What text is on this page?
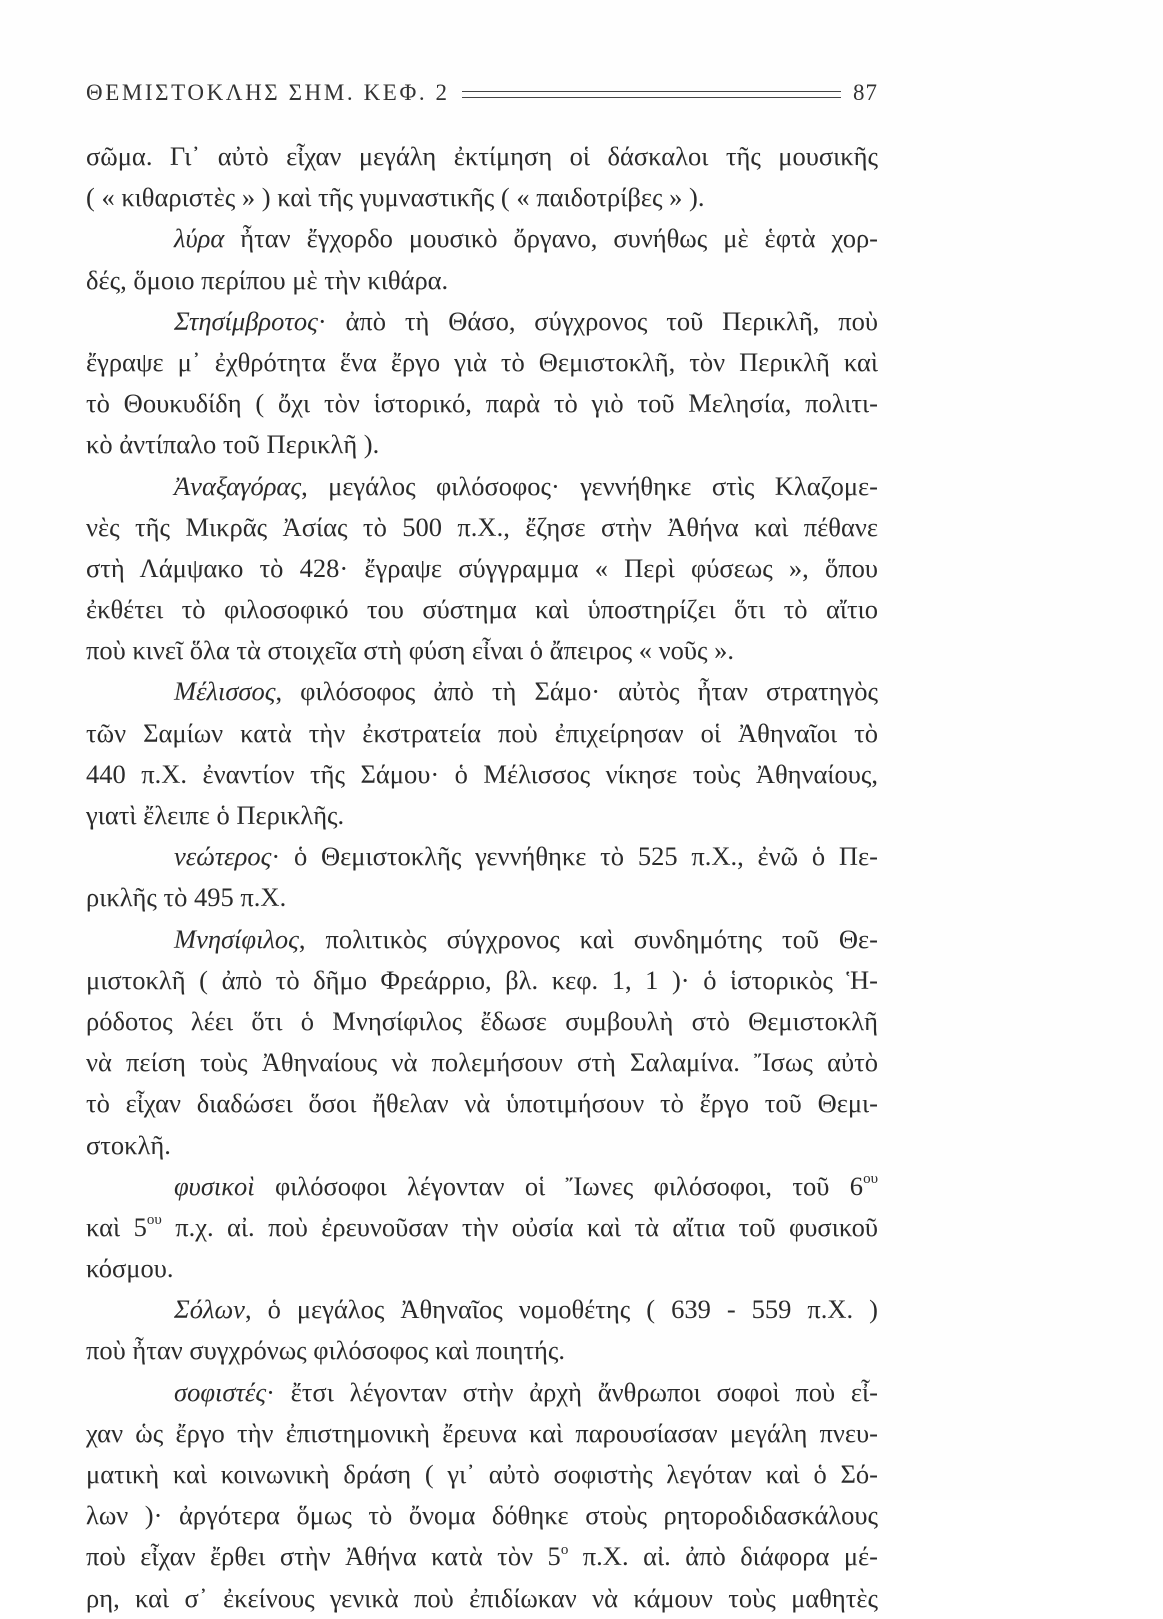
ΘΕΜΙΣΤΟΚΛΗΣ ΣΗΜ. ΚΕΦ. 2	87
σῶμα. Γι᾽ αὐτὸ εἶχαν μεγάλη ἐκτίμηση οἱ δάσκαλοι τῆς μουσικῆς
( « κιθαριστὲς » ) καὶ τῆς γυμναστικῆς ( « παιδοτρίβες » ).
λύρα ἦταν ἔγχορδο μουσικὸ ὄργανο, συνήθως μὲ ἑφτὰ χορ-
δές, ὅμοιο περίπου μὲ τὴν κιθάρα.
Στησίμβροτος· ἀπὸ τὴ Θάσο, σύγχρονος τοῦ Περικλῆ, ποὺ
ἔγραψε μ᾽ ἐχθρότητα ἕνα ἔργο γιὰ τὸ Θεμιστοκλῆ, τὸν Περικλῆ καὶ
τὸ Θουκυδίδη ( ὄχι τὸν ἱστορικό, παρὰ τὸ γιὸ τοῦ Μελησία, πολιτι-
κὸ ἀντίπαλο τοῦ Περικλῆ ).
Ἀναξαγόρας, μεγάλος φιλόσοφος· γεννήθηκε στὶς Κλαζομε-
νὲς τῆς Μικρᾶς Ἀσίας τὸ 500 π.Χ., ἔζησε στὴν Ἀθήνα καὶ πέθανε
στὴ Λάμψακο τὸ 428· ἔγραψε σύγγραμμα « Περὶ φύσεως », ὅπου
ἐκθέτει τὸ φιλοσοφικό του σύστημα καὶ ὑποστηρίζει ὅτι τὸ αἴτιο
ποὺ κινεῖ ὅλα τὰ στοιχεῖα στὴ φύση εἶναι ὁ ἄπειρος « νοῦς ».
Μέλισσος, φιλόσοφος ἀπὸ τὴ Σάμο· αὐτὸς ἦταν στρατηγὸς
τῶν Σαμίων κατὰ τὴν ἐκστρατεία ποὺ ἐπιχείρησαν οἱ Ἀθηναῖοι τὸ
440 π.Χ. ἐναντίον τῆς Σάμου· ὁ Μέλισσος νίκησε τοὺς Ἀθηναίους,
γιατὶ ἔλειπε ὁ Περικλῆς.
νεώτερος· ὁ Θεμιστοκλῆς γεννήθηκε τὸ 525 π.Χ., ἐνῶ ὁ Πε-
ρικλῆς τὸ 495 π.Χ.
Μνησίφιλος, πολιτικὸς σύγχρονος καὶ συνδημότης τοῦ Θε-
μιστοκλῆ ( ἀπὸ τὸ δῆμο Φρεάρριο, βλ. κεφ. 1, 1 )· ὁ ἱστορικὸς Ἡ-
ρόδοτος λέει ὅτι ὁ Μνησίφιλος ἔδωσε συμβουλὴ στὸ Θεμιστοκλῆ
νὰ πείση τοὺς Ἀθηναίους νὰ πολεμήσουν στὴ Σαλαμίνα. Ἴσως αὐτὸ
τὸ εἶχαν διαδώσει ὅσοι ἤθελαν νὰ ὑποτιμήσουν τὸ ἔργο τοῦ Θεμι-
στοκλῆ.
φυσικοὶ φιλόσοφοι λέγονταν οἱ Ἴωνες φιλόσοφοι, τοῦ $6^{o\upsilon}$
καὶ $5^{o\upsilon}$ π.χ. αἰ. ποὺ ἐρευνοῦσαν τὴν οὐσία καὶ τὰ αἴτια τοῦ φυσικοῦ
κόσμου.
Σόλων, ὁ μεγάλος Ἀθηναῖος νομοθέτης ( 639 - 559 π.Χ. )
ποὺ ἦταν συγχρόνως φιλόσοφος καὶ ποιητής.
σοφιστές· ἔτσι λέγονταν στὴν ἀρχὴ ἄνθρωποι σοφοὶ ποὺ εἶ-
χαν ὡς ἔργο τὴν ἐπιστημονικὴ ἔρευνα καὶ παρουσίασαν μεγάλη πνευ-
ματικὴ καὶ κοινωνικὴ δράση ( γι᾽ αὐτὸ σοφιστὴς λεγόταν καὶ ὁ Σό-
λων )· ἀργότερα ὅμως τὸ ὄνομα δόθηκε στοὺς ρητοροδιδασκάλους
ποὺ εἶχαν ἔρθει στὴν Ἀθήνα κατὰ τὸν $5^o$ π.Χ. αἰ. ἀπὸ διάφορα μέ-
ρη, καὶ σ᾽ ἐκείνους γενικὰ ποὺ ἐπιδίωκαν νὰ κάμουν τοὺς μαθητὲς
